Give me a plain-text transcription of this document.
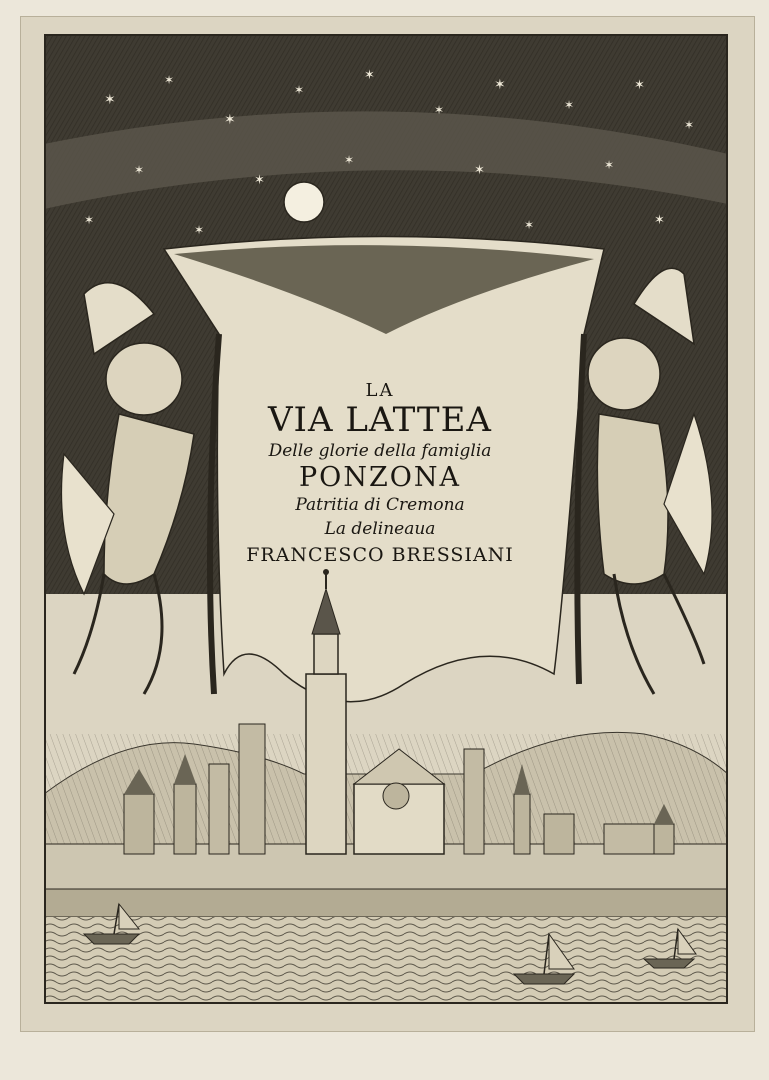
✶
✶
✶
✶
✶
✶
✶
✶
✶
✶
✶
✶
✶
✶	✶
✶
✶	✶	✶
LA
VIA LATTEA
Delle glorie della famiglia
PONZONA
Patritia di Cremona
La delineaua
FRANCESCO BRESSIANI
